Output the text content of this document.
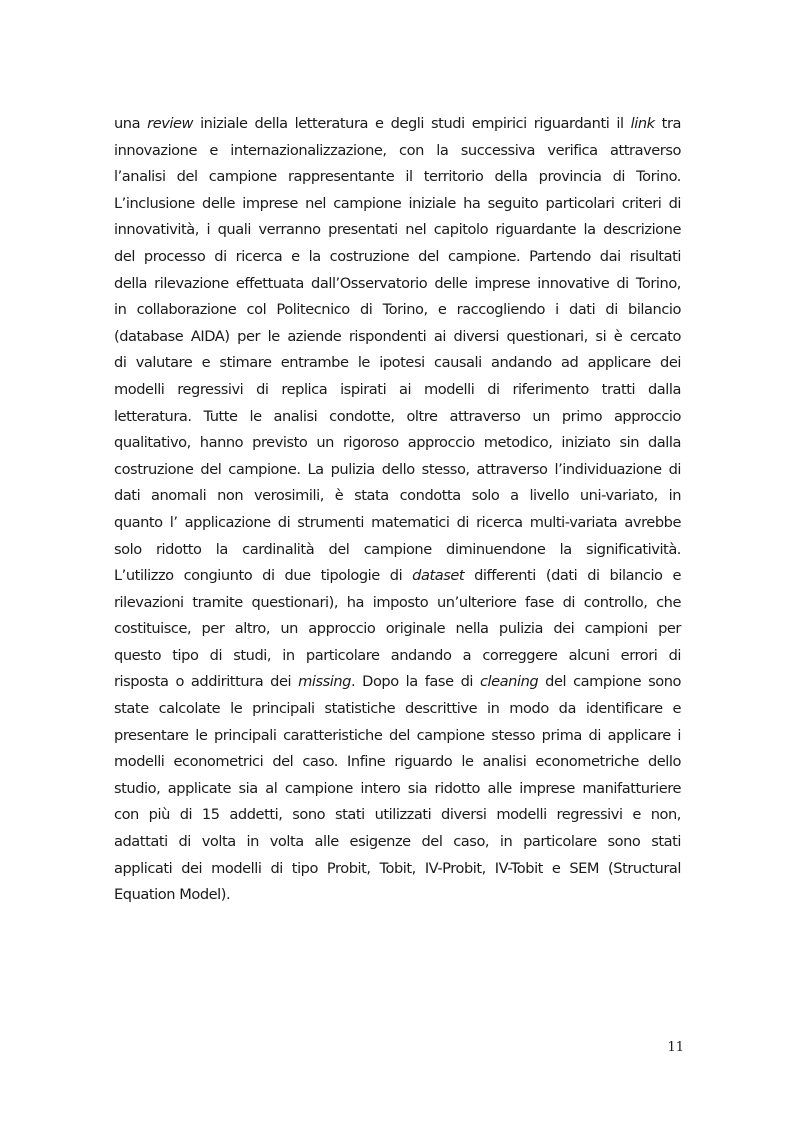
una review iniziale della letteratura e degli studi empirici riguardanti il link tra
innovazione e internazionalizzazione, con la successiva verifica attraverso
l’analisi del campione rappresentante il territorio della provincia di Torino.
L’inclusione delle imprese nel campione iniziale ha seguito particolari criteri di
innovatività, i quali verranno presentati nel capitolo riguardante la descrizione
del processo di ricerca e la costruzione del campione. Partendo dai risultati
della rilevazione effettuata dall’Osservatorio delle imprese innovative di Torino,
in collaborazione col Politecnico di Torino, e raccogliendo i dati di bilancio
(database AIDA) per le aziende rispondenti ai diversi questionari, si è cercato
di valutare e stimare entrambe le ipotesi causali andando ad applicare dei
modelli regressivi di replica ispirati ai modelli di riferimento tratti dalla
letteratura. Tutte le analisi condotte, oltre attraverso un primo approccio
qualitativo, hanno previsto un rigoroso approccio metodico, iniziato sin dalla
costruzione del campione. La pulizia dello stesso, attraverso l’individuazione di
dati anomali non verosimili, è stata condotta solo a livello uni-variato, in
quanto l’ applicazione di strumenti matematici di ricerca multi-variata avrebbe
solo ridotto la cardinalità del campione diminuendone la significatività.
L’utilizzo congiunto di due tipologie di dataset differenti (dati di bilancio e
rilevazioni tramite questionari), ha imposto un’ulteriore fase di controllo, che
costituisce, per altro, un approccio originale nella pulizia dei campioni per
questo tipo di studi, in particolare andando a correggere alcuni errori di
risposta o addirittura dei missing. Dopo la fase di cleaning del campione sono
state calcolate le principali statistiche descrittive in modo da identificare e
presentare le principali caratteristiche del campione stesso prima di applicare i
modelli econometrici del caso. Infine riguardo le analisi econometriche dello
studio, applicate sia al campione intero sia ridotto alle imprese manifatturiere
con più di 15 addetti, sono stati utilizzati diversi modelli regressivi e non,
adattati di volta in volta alle esigenze del caso, in particolare sono stati
applicati dei modelli di tipo Probit, Tobit, IV-Probit, IV-Tobit e SEM (Structural
Equation Model).
11
